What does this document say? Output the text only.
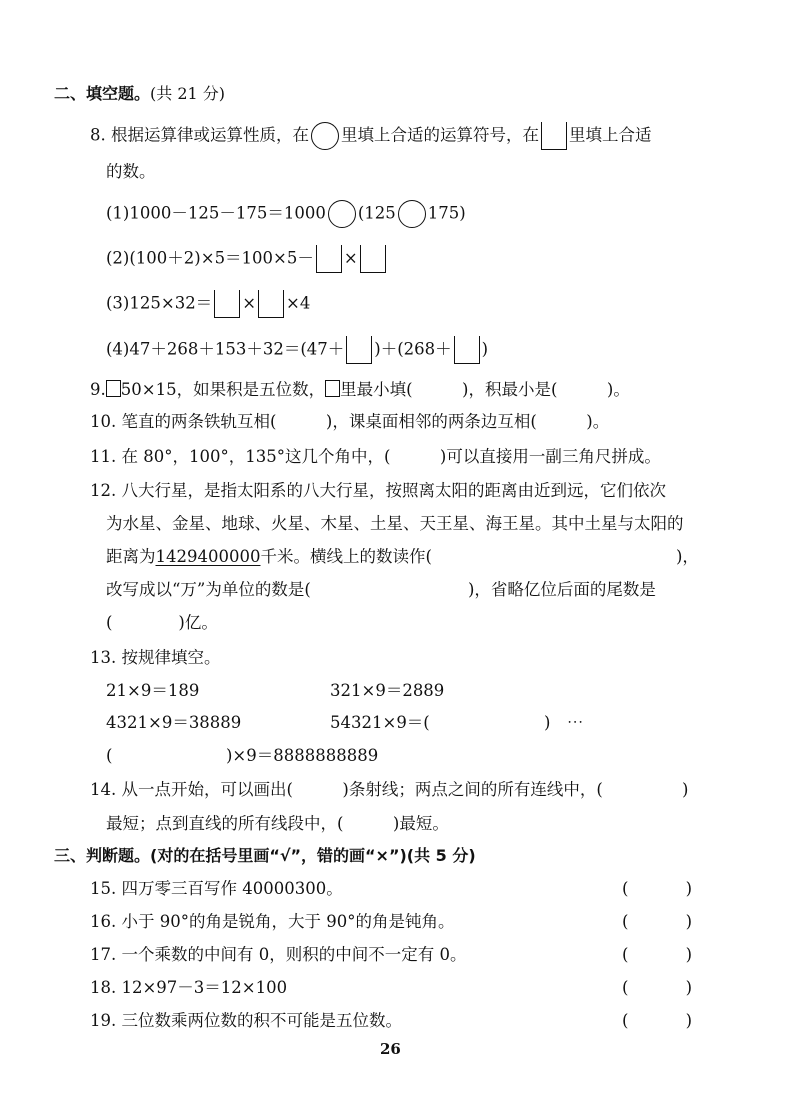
二、填空题。(共 21 分)
8. 根据运算律或运算性质，在 里填上合适的运算符号，在 里填上合适
的数。
(1)1000－125－175＝1000 (125 175)
(2)(100＋2)×5＝100×5－ ×
(3)125×32＝ × ×4
(4)47＋268＋153＋32＝(47＋ )＋(268＋ )
9. 50×15，如果积是五位数， 里最小填(　　　)，积最小是(　　　)。
10. 笔直的两条铁轨互相(　　　)，课桌面相邻的两条边互相(　　　)。
11. 在 80°，100°，135°这几个角中，(　　　)可以直接用一副三角尺拼成。
12. 八大行星，是指太阳系的八大行星，按照离太阳的距离由近到远，它们依次
为水星、金星、地球、火星、木星、土星、天王星、海王星。其中土星与太阳的
距离为1429400000千米。横线上的数读作(	)，
改写成以“万”为单位的数是(	)，省略亿位后面的尾数是
(　　　　)亿。
13. 按规律填空。
21×9＝189	321×9＝2889
4321×9＝38889	54321×9＝(	)　⋯
(	)×9＝8888888889
14. 从一点开始，可以画出(　　　)条射线；两点之间的所有连线中，(	)
最短；点到直线的所有线段中，(　　　)最短。
三、判断题。(对的在括号里画“√”，错的画“×”)(共 5 分)
15. 四万零三百写作 40000300。	(	)
16. 小于 90°的角是锐角，大于 90°的角是钝角。	(	)
17. 一个乘数的中间有 0，则积的中间不一定有 0。	(	)
18. 12×97－3＝12×100	(	)
19. 三位数乘两位数的积不可能是五位数。	(	)
26
